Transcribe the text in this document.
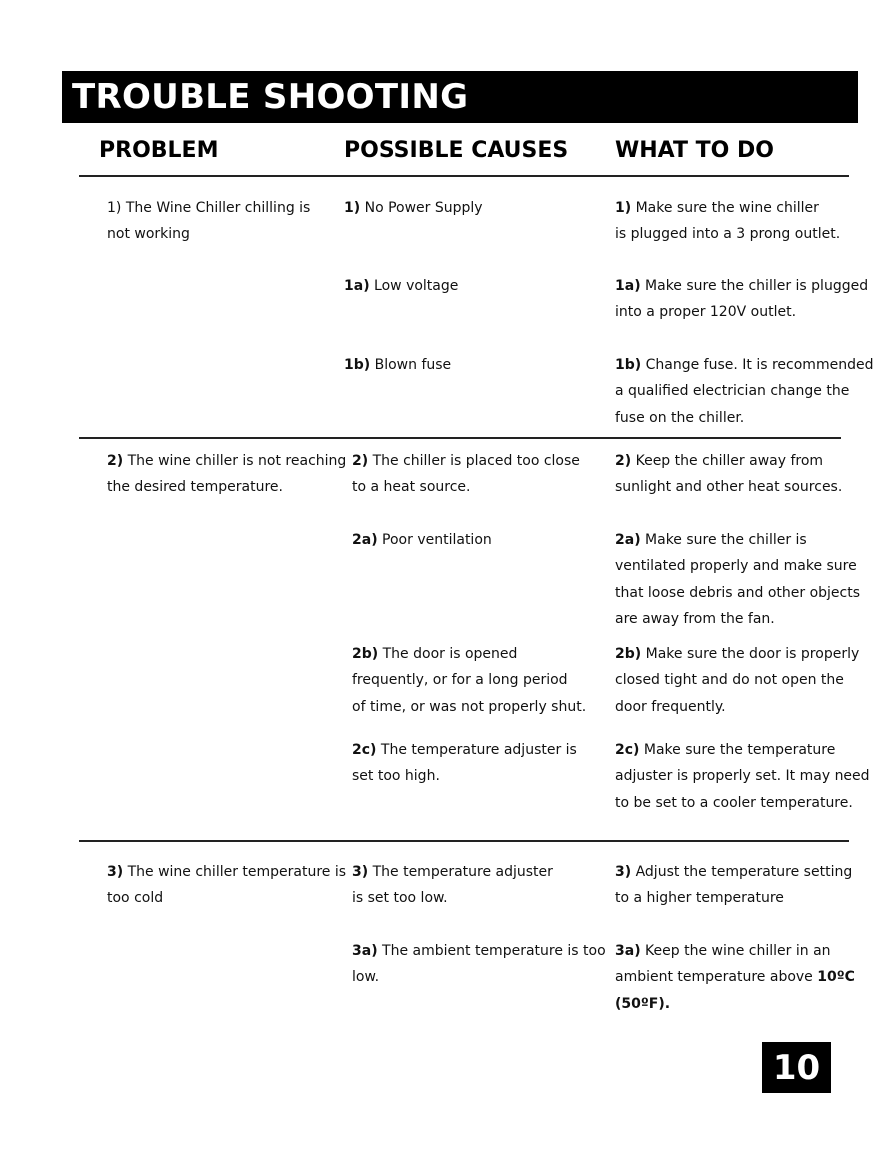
TROUBLE SHOOTING
PROBLEM	POSSIBLE CAUSES WHAT TO DO
1) The Wine Chiller chilling is
not working
1) No Power Supply
1a) Low voltage
1b) Blown fuse
1) Make sure the wine chiller
is plugged into a 3 prong outlet.
1a) Make sure the chiller is plugged
into a proper 120V outlet.
1b) Change fuse. It is recommended
a qualified electrician change the
fuse on the chiller.
2) The wine chiller is not reaching
the desired temperature.
2) The chiller is placed too close
to a heat source.
2a) Poor ventilation
2b) The door is opened
frequently, or for a long period
of time, or was not properly shut.
2c) The temperature adjuster is
set too high.
2) Keep the chiller away from
sunlight and other heat sources.
2a) Make sure the chiller is
ventilated properly and make sure
that loose debris and other objects
are away from the fan.
2b) Make sure the door is properly
closed tight and do not open the
door frequently.
2c) Make sure the temperature
adjuster is properly set. It may need
to be set to a cooler temperature.
3) The wine chiller temperature is
too cold
3) The temperature adjuster
is set too low.
3a) The ambient temperature is too
low.
3) Adjust the temperature setting
to a higher temperature
3a) Keep the wine chiller in an
ambient temperature above 10ºC
(50ºF).
10
